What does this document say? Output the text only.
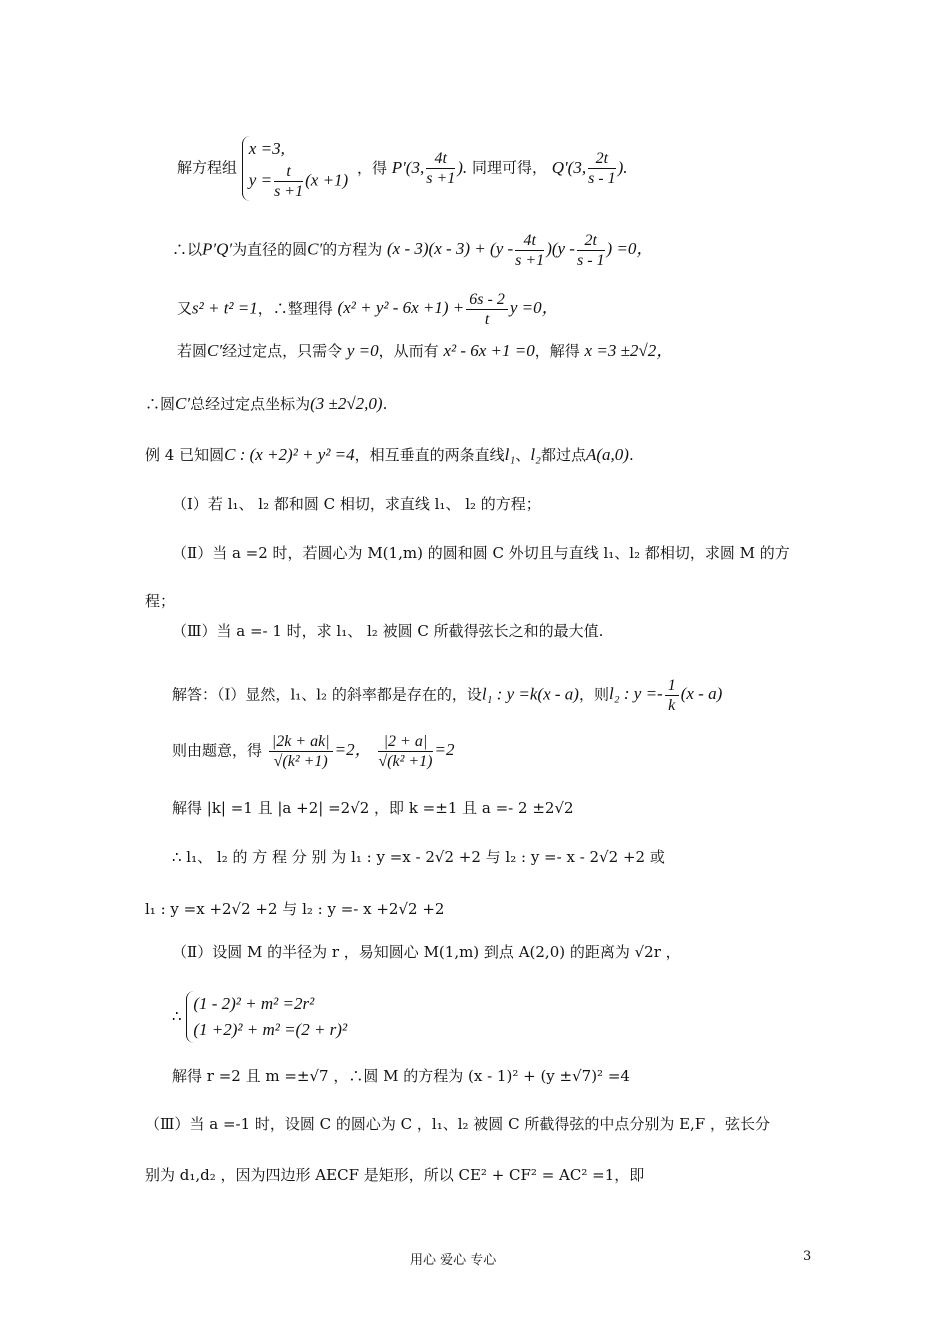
解方程组
x =3,
$y = \frac{t}{s +1} (x +1)$
，得 P'(3, $\frac{4t}{s +1}$ ). 同理可得， Q'(3, $\frac{2t}{s - 1}$ ).
∴以P′Q′为直径的圆C′的方程为 $(x - 3)(x - 3) + (y - \frac{4t}{s +1} )(y - \frac{2t}{s - 1}$ ) =0，
又s² + t² =1，∴整理得 $(x^2 + y^2 - 6x +1) + \frac{6s - 2}{t}$ y =0，
若圆C′经过定点，只需令 y =0，从而有 x² - 6x +1 =0，解得 x =3 ±2√2，
∴圆C′总经过定点坐标为(3 ±2√2,0).
例 4 已知圆C : (x +2)² + y² =4，相互垂直的两条直线l₁、l₂都过点A(a,0).
（Ⅰ）若 l₁、 l₂ 都和圆 C 相切，求直线 l₁、 l₂ 的方程；
（Ⅱ）当 a =2 时，若圆心为 M(1,m) 的圆和圆 C 外切且与直线 l₁、l₂ 都相切，求圆 M 的方
程；
（Ⅲ）当 a =- 1 时，求 l₁、 l₂ 被圆 C 所截得弦长之和的最大值.
解答：（Ⅰ）显然，l₁、l₂ 的斜率都是存在的，设l₁ : y =k(x - a)，则l₂ : $y =- \frac{1}{k} (x - a)$
则由题意，得 $\frac{|2k + ak|}{\text{√(k² +1)}} =2$， $\frac{|2 + a|}{\text{√(k² +1)}} =2$
解得 |k| =1 且 |a +2| =2√2 ，即 k =±1 且 a =- 2 ±2√2
∴ l₁、 l₂ 的 方 程 分 别 为 l₁ : y =x - 2√2 +2 与 l₂ : y =- x - 2√2 +2 或
l₁ : y =x +2√2 +2 与 l₂ : y =- x +2√2 +2
（Ⅱ）设圆 M 的半径为 r ，易知圆心 M(1,m) 到点 A(2,0) 的距离为 √2r ，
∴
(1 - 2)² + m² =2r²
(1 +2)² + m² =(2 + r)²
解得 r =2 且 m =±√7 ，∴圆 M 的方程为 (x - 1)² + (y ±√7)² =4
（Ⅲ）当 a =-1 时，设圆 C 的圆心为 C ，l₁、l₂ 被圆 C 所截得弦的中点分别为 E,F ，弦长分
别为 d₁,d₂ ，因为四边形 AECF 是矩形，所以 CE² + CF² = AC² =1，即
用心 爱心 专心	3
